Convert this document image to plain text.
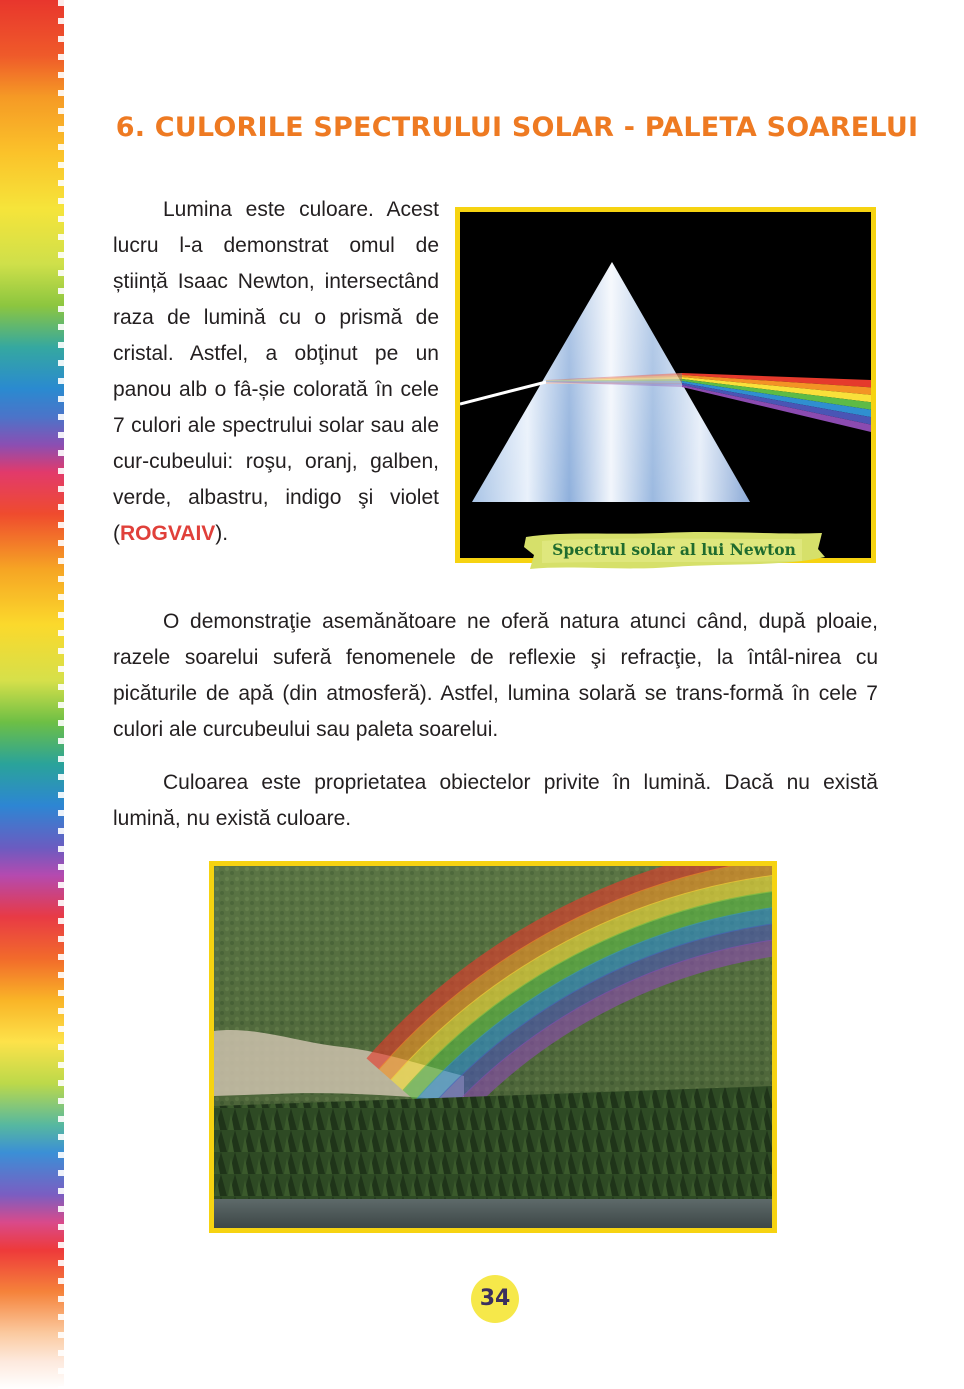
6. CULORILE SPECTRULUI SOLAR - PALETA SOARELUI

Lumina este culoare. Acest lucru l-a demonstrat omul de știință Isaac Newton, intersectând raza de lumină cu o prismă de cristal. Astfel, a obţinut pe un panou alb o fâ-șie colorată în cele 7 culori ale spectrului solar sau ale cur-cubeului: roşu, oranj, galben, verde, albastru, indigo şi violet (ROGVAIV).

Spectrul solar al lui Newton

O demonstraţie asemănătoare ne oferă natura atunci când, după ploaie, razele soarelui suferă fenomenele de reflexie şi refracţie, la întâl-nirea cu picăturile de apă (din atmosferă). Astfel, lumina solară se trans-formă în cele 7 culori ale curcubeului sau paleta soarelui.

Culoarea este proprietatea obiectelor privite în lumină. Dacă nu există lumină, nu există culoare.

34
